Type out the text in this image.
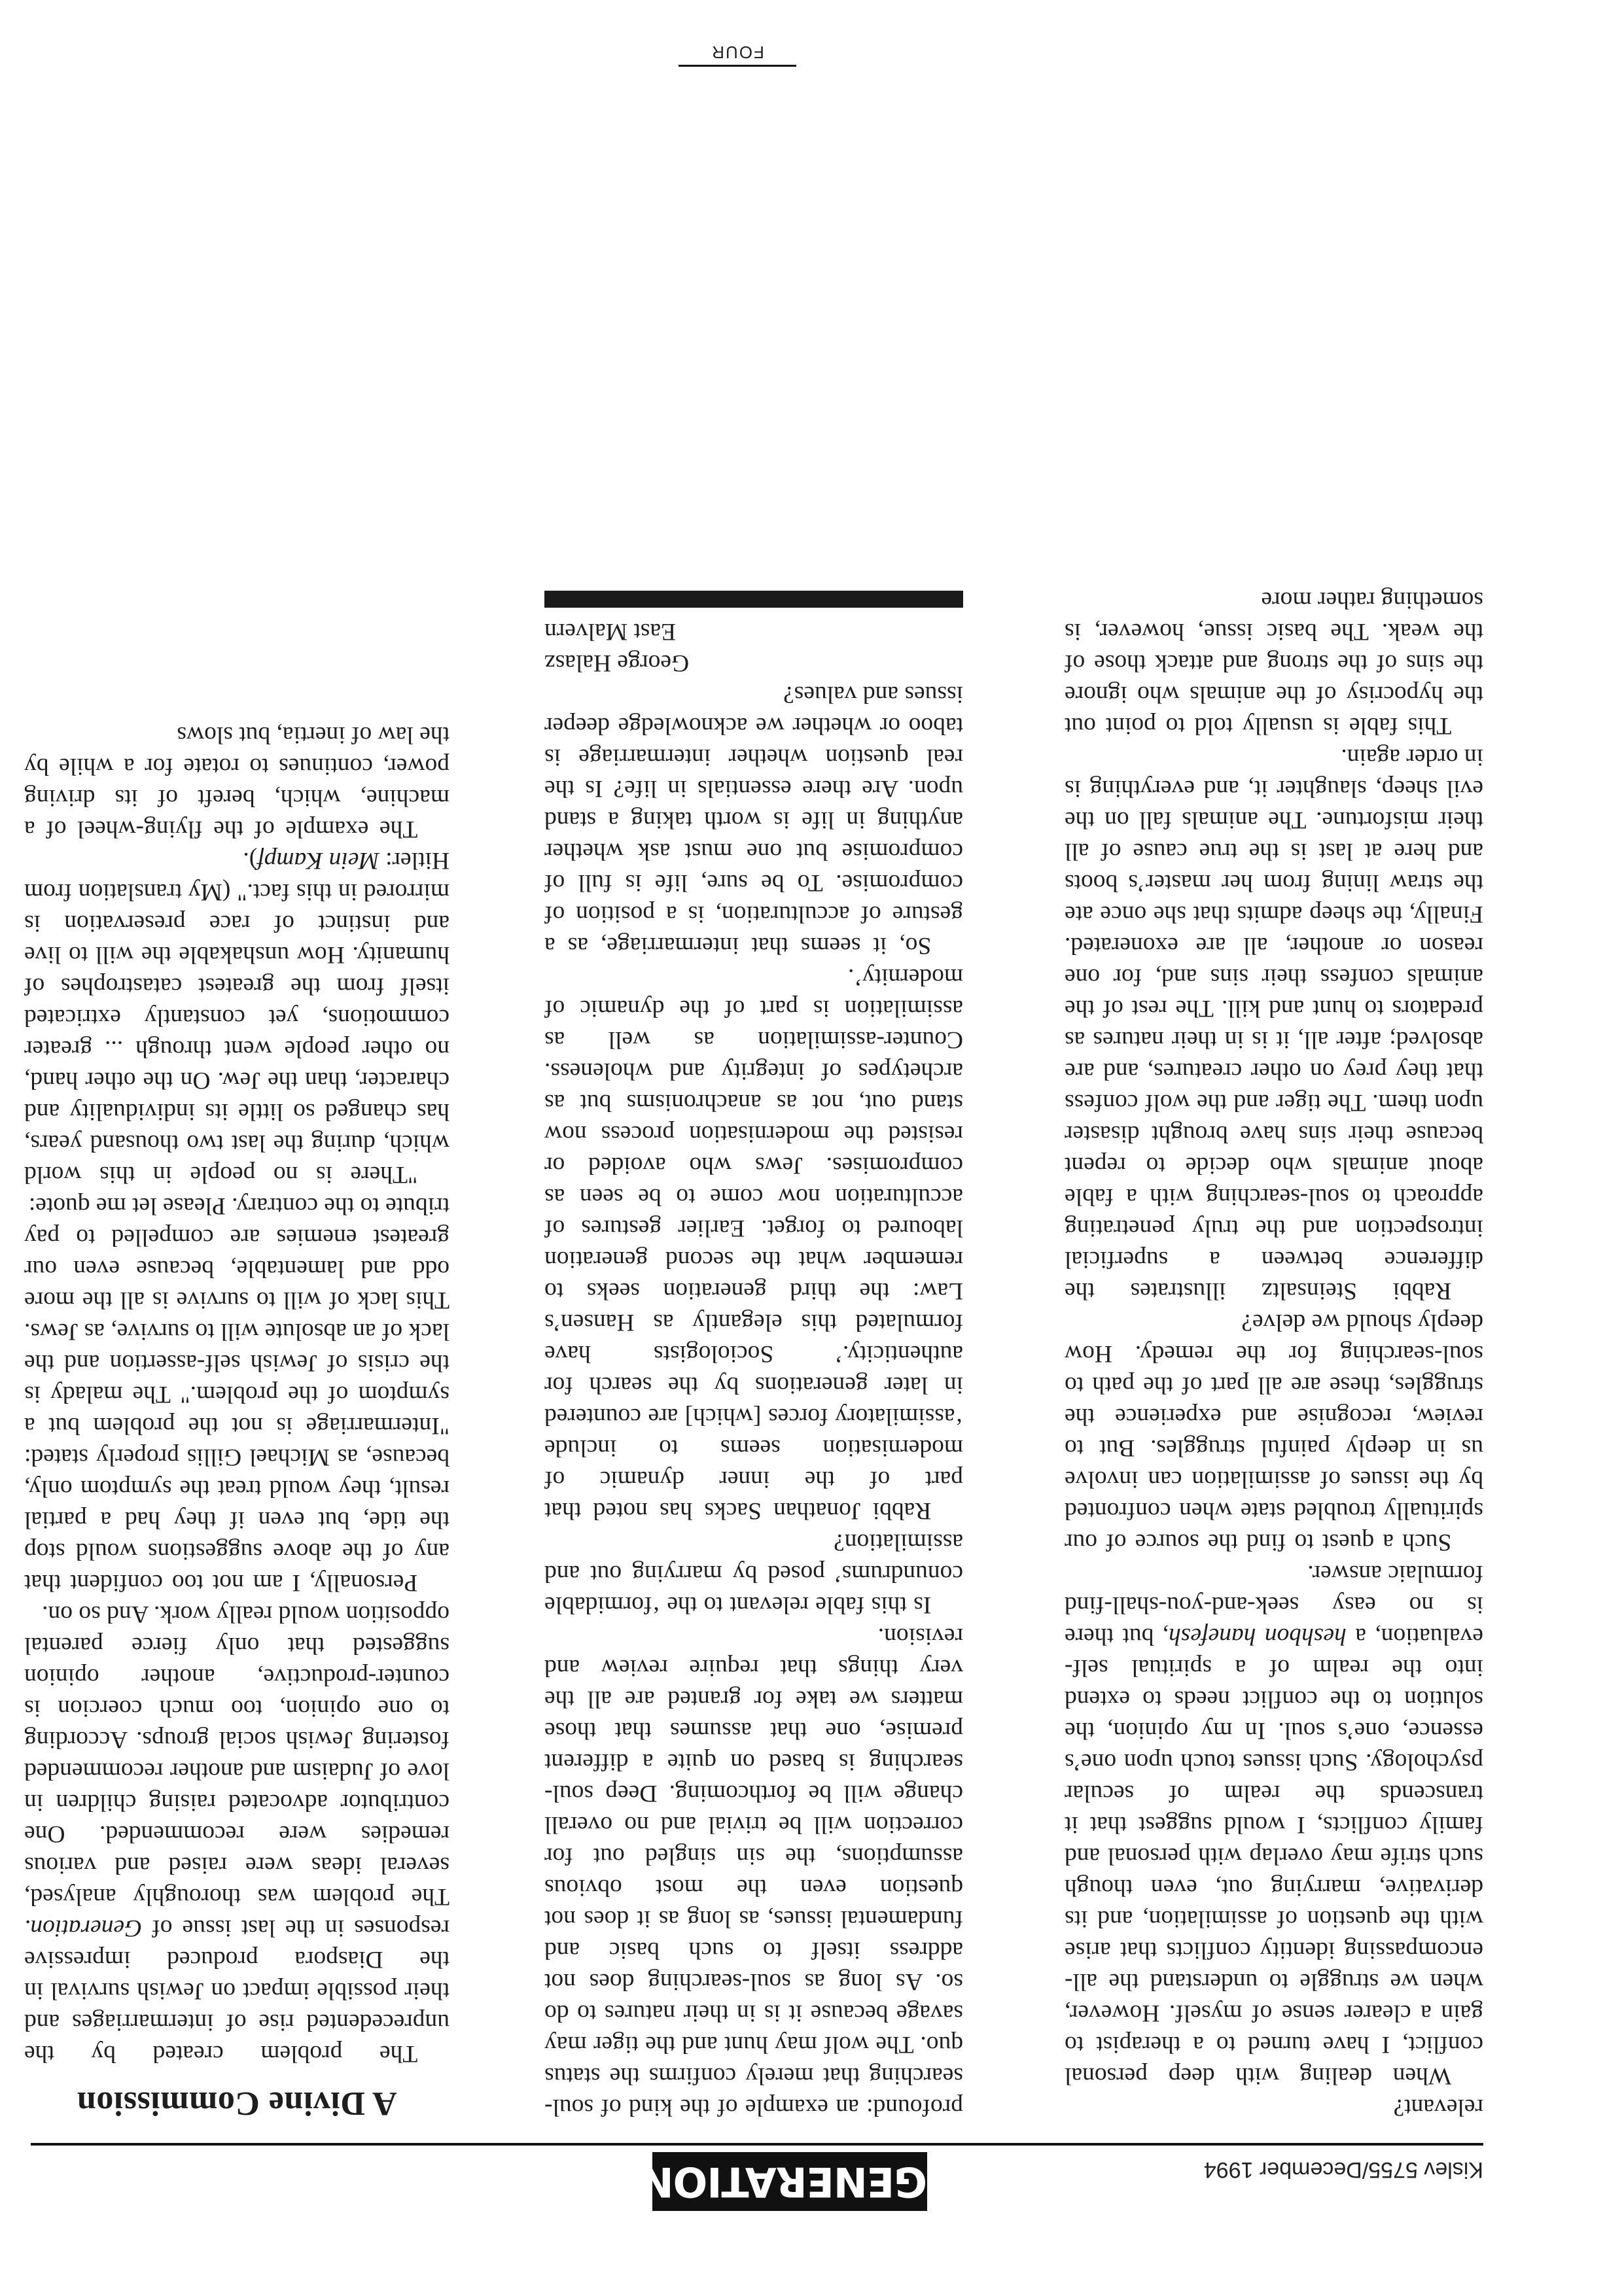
FOUR
Kislev 5755/December 1994
GENERATION

relevant?

When dealing with deep personal conflict, I have turned to a therapist to gain a clearer sense of myself. However, when we struggle to understand the all-encompassing identity conflicts that arise with the question of assimilation, and its derivative, marrying out, even though such strife may overlap with personal and family conflicts, I would suggest that it transcends the realm of secular psychology. Such issues touch upon one’s essence, one’s soul. In my opinion, the solution to the conflict needs to extend into the realm of a spiritual self-evaluation, a heshbon hanefesh, but there is no easy seek-and-you-shall-find formulaic answer.

Such a quest to find the source of our spiritually troubled state when confronted by the issues of assimilation can involve us in deeply painful struggles. But to review, recognise and experience the struggles, these are all part of the path to soul-searching for the remedy. How deeply should we delve?

Rabbi Steinsaltz illustrates the difference between a superficial introspection and the truly penetrating approach to soul-searching with a fable about animals who decide to repent because their sins have brought disaster upon them. The tiger and the wolf confess that they prey on other creatures, and are absolved; after all, it is in their natures as predators to hunt and kill. The rest of the animals confess their sins and, for one reason or another, all are exonerated. Finally, the sheep admits that she once ate the straw lining from her master’s boots and here at last is the true cause of all their misfortune. The animals fall on the evil sheep, slaughter it, and everything is in order again.

This fable is usually told to point out the hypocrisy of the animals who ignore the sins of the strong and attack those of the weak. The basic issue, however, is something rather more

profound: an example of the kind of soul-searching that merely confirms the status quo. The wolf may hunt and the tiger may savage because it is in their natures to do so. As long as soul-searching does not address itself to such basic and fundamental issues, as long as it does not question even the most obvious assumptions, the sin singled out for correction will be trivial and no overall change will be forthcoming. Deep soul-searching is based on quite a different premise, one that assumes that those matters we take for granted are all the very things that require review and revision.

Is this fable relevant to the ‘formidable conundrums’ posed by marrying out and assimilation?

Rabbi Jonathan Sacks has noted that part of the inner dynamic of modernisation seems to include ‘assimilatory forces [which] are countered in later generations by the search for authenticity.’ Sociologists have formulated this elegantly as Hansen’s Law: the third generation seeks to remember what the second generation laboured to forget. Earlier gestures of acculturation now come to be seen as compromises. Jews who avoided or resisted the modernisation process now stand out, not as anachronisms but as archetypes of integrity and wholeness. Counter-assimilation as well as assimilation is part of the dynamic of modernity’.

So, it seems that intermarriage, as a gesture of acculturation, is a position of compromise. To be sure, life is full of compromise but one must ask whether anything in life is worth taking a stand upon. Are there essentials in life? Is the real question whether intermarriage is taboo or whether we acknowledge deeper issues and values?

George Halasz

East Malvern

A Divine Commission

The problem created by the unprecedented rise of intermarriages and their possible impact on Jewish survival in the Diaspora produced impressive responses in the last issue of Generation. The problem was thoroughly analysed, several ideas were raised and various remedies were recommended. One contributor advocated raising children in love of Judaism and another recommended fostering Jewish social groups. According to one opinion, too much coercion is counter-productive, another opinion suggested that only fierce parental opposition would really work. And so on.

Personally, I am not too confident that any of the above suggestions would stop the tide, but even if they had a partial result, they would treat the symptom only, because, as Michael Gillis properly stated: "Intermarriage is not the problem but a symptom of the problem." The malady is the crisis of Jewish self-assertion and the lack of an absolute will to survive, as Jews. This lack of will to survive is all the more odd and lamentable, because even our greatest enemies are compelled to pay tribute to the contrary. Please let me quote:

"There is no people in this world which, during the last two thousand years, has changed so little its individuality and character, than the Jew. On the other hand, no other people went through ... greater commotions, yet constantly extricated itself from the greatest catastrophes of humanity. How unshakable the will to live and instinct of race preservation is mirrored in this fact." (My translation from Hitler: Mein Kampf).

The example of the flying-wheel of a machine, which, bereft of its driving power, continues to rotate for a while by the law of inertia, but slows
